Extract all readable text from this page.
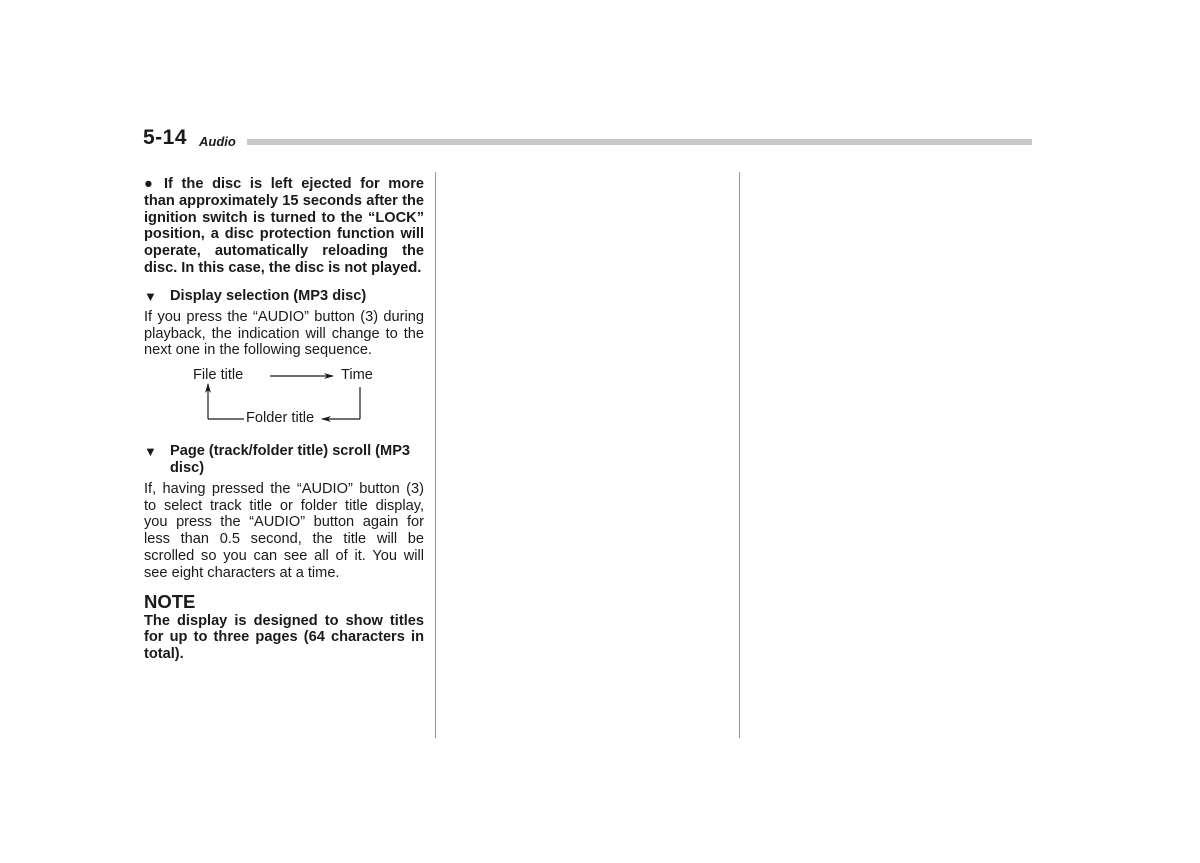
5-14 Audio

● If the disc is left ejected for more than approximately 15 seconds after the ignition switch is turned to the “LOCK” position, a disc protection function will operate, automatically reloading the disc. In this case, the disc is not played.

▼ Display selection (MP3 disc)

If you press the “AUDIO” button (3) during playback, the indication will change to the next one in the following sequence.

File title	Time
Folder title
▼ Page (track/folder title) scroll (MP3 disc)

If, having pressed the “AUDIO” button (3) to select track title or folder title display, you press the “AUDIO” button again for less than 0.5 second, the title will be scrolled so you can see all of it. You will see eight characters at a time.

NOTE

The display is designed to show titles for up to three pages (64 characters in total).
